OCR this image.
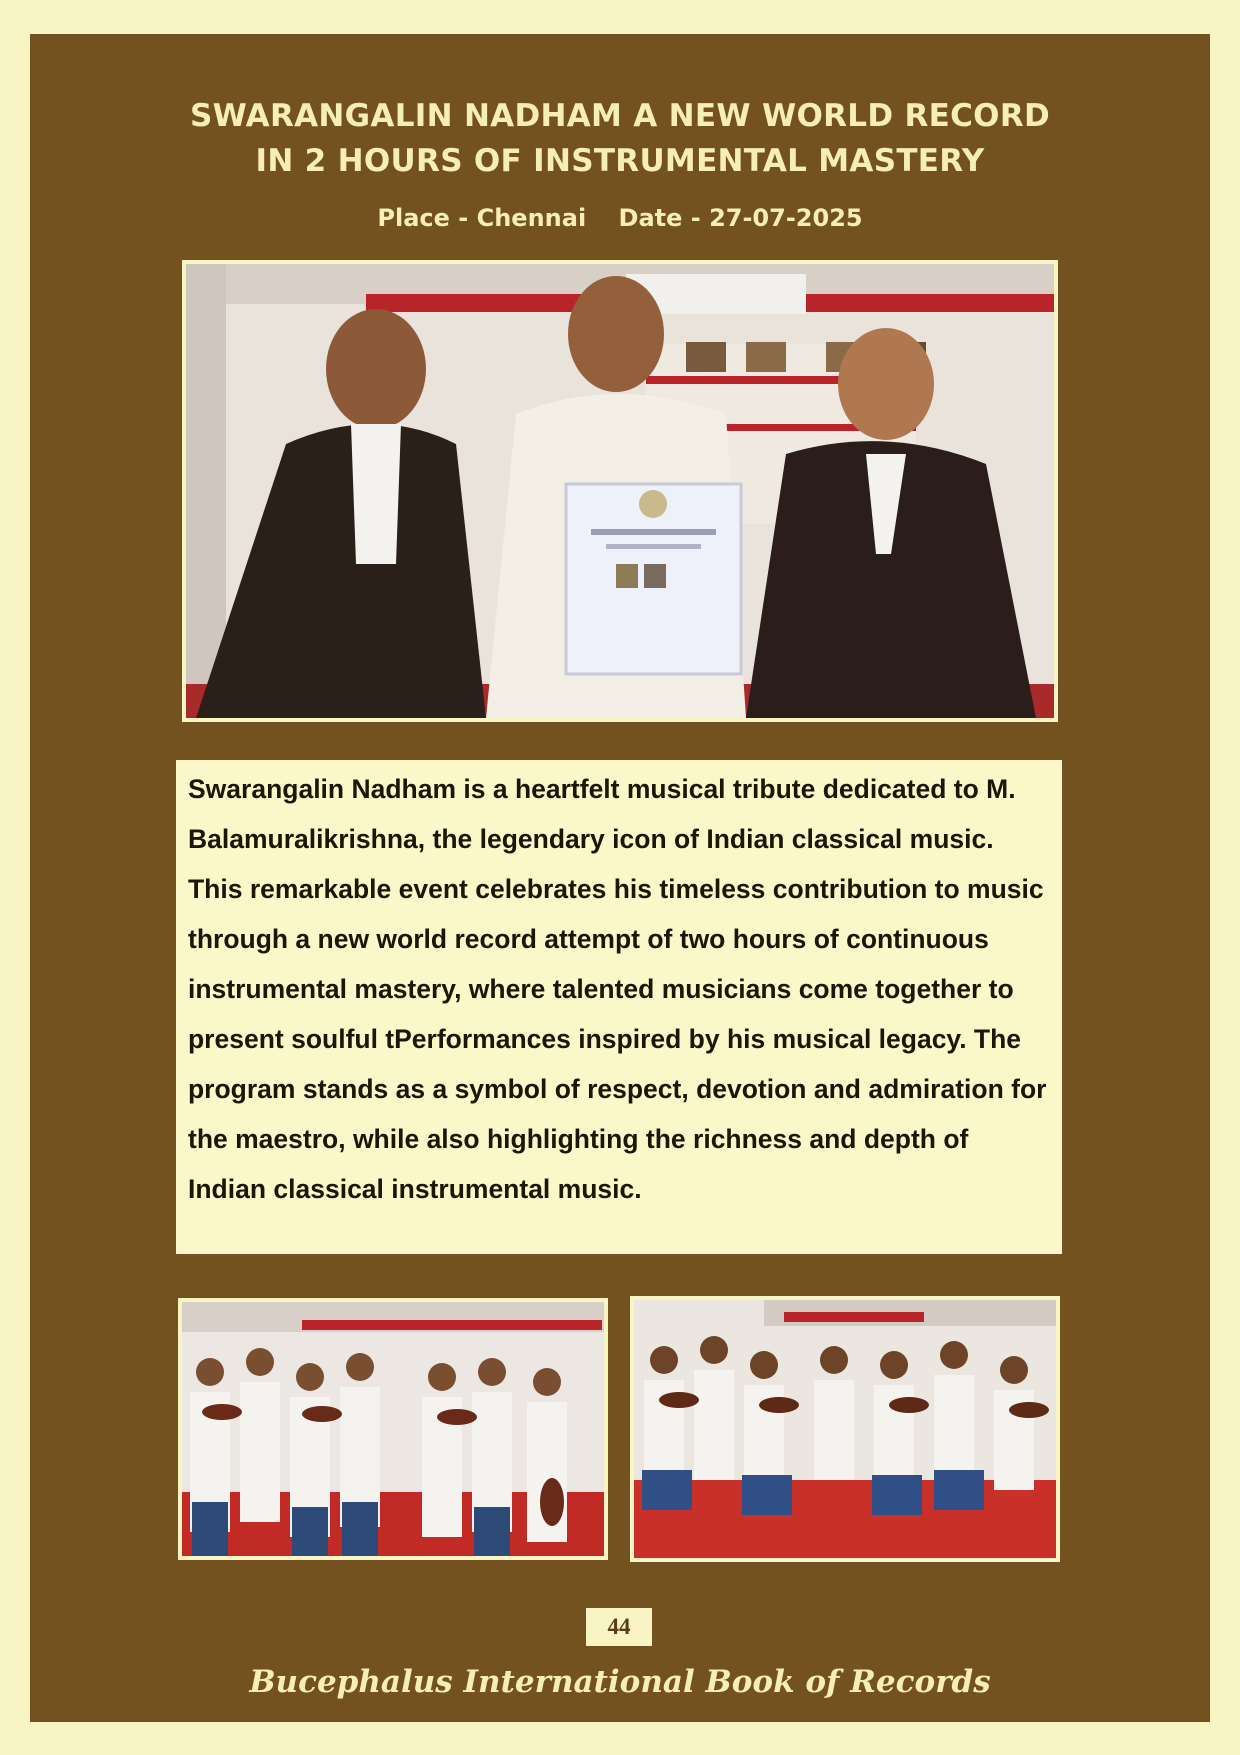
SWARANGALIN NADHAM A NEW WORLD RECORD
IN 2 HOURS OF INSTRUMENTAL MASTERY
Place - Chennai Date - 27-07-2025

Swarangalin Nadham is a heartfelt musical tribute dedicated to M. Balamuralikrishna, the legendary icon of Indian classical music. This remarkable event celebrates his timeless contribution to music through a new world record attempt of two hours of continuous instrumental mastery, where talented musicians come together to present soulful tPerformances inspired by his musical legacy. The program stands as a symbol of respect, devotion and admiration for the maestro, while also highlighting the richness and depth of Indian classical instrumental music.

44
Bucephalus International Book of Records
